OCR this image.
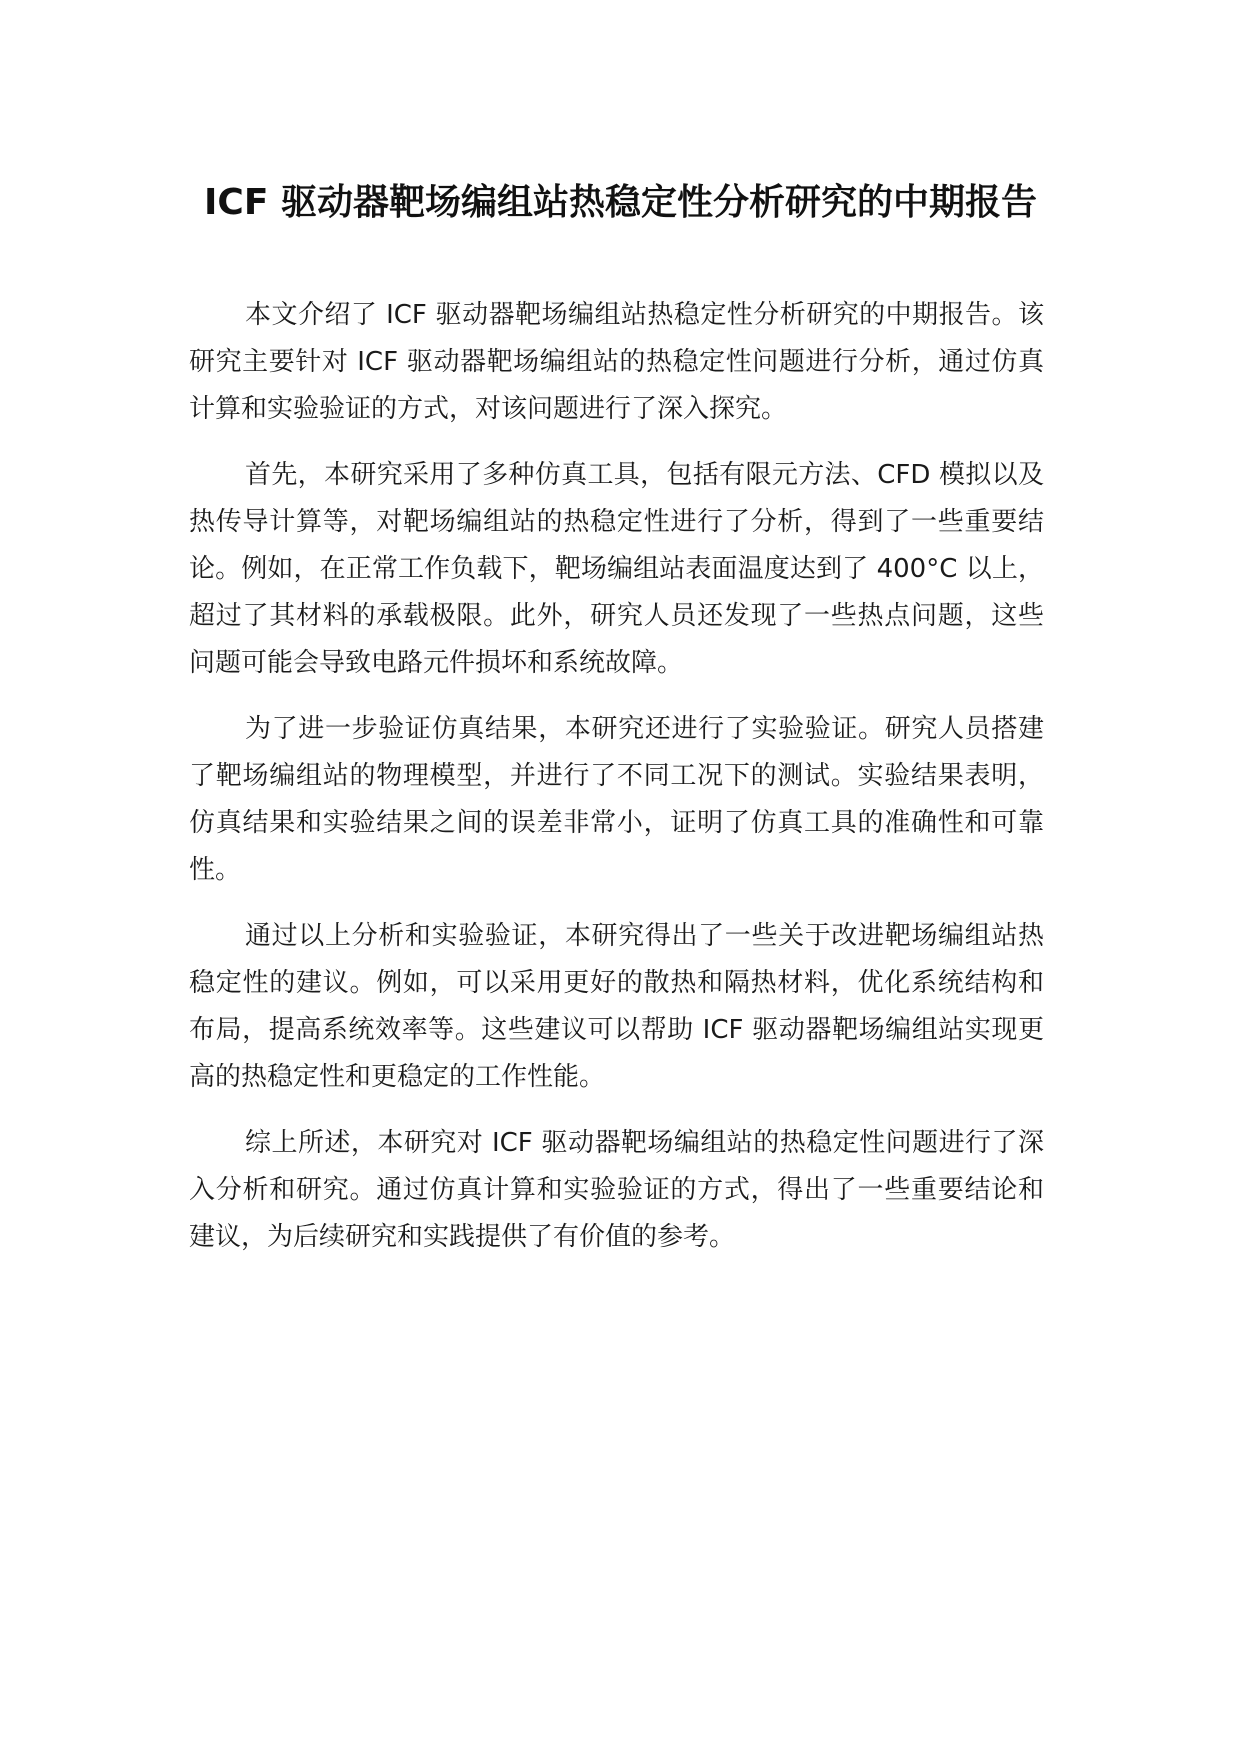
ICF 驱动器靶场编组站热稳定性分析研究的中期报告

本文介绍了 ICF 驱动器靶场编组站热稳定性分析研究的中期报告。该研究主要针对 ICF 驱动器靶场编组站的热稳定性问题进行分析，通过仿真计算和实验验证的方式，对该问题进行了深入探究。

首先，本研究采用了多种仿真工具，包括有限元方法、CFD 模拟以及热传导计算等，对靶场编组站的热稳定性进行了分析，得到了一些重要结论。例如，在正常工作负载下，靶场编组站表面温度达到了 400°C 以上，超过了其材料的承载极限。此外，研究人员还发现了一些热点问题，这些问题可能会导致电路元件损坏和系统故障。

为了进一步验证仿真结果，本研究还进行了实验验证。研究人员搭建了靶场编组站的物理模型，并进行了不同工况下的测试。实验结果表明，仿真结果和实验结果之间的误差非常小，证明了仿真工具的准确性和可靠性。

通过以上分析和实验验证，本研究得出了一些关于改进靶场编组站热稳定性的建议。例如，可以采用更好的散热和隔热材料，优化系统结构和布局，提高系统效率等。这些建议可以帮助 ICF 驱动器靶场编组站实现更高的热稳定性和更稳定的工作性能。

综上所述，本研究对 ICF 驱动器靶场编组站的热稳定性问题进行了深入分析和研究。通过仿真计算和实验验证的方式，得出了一些重要结论和建议，为后续研究和实践提供了有价值的参考。
